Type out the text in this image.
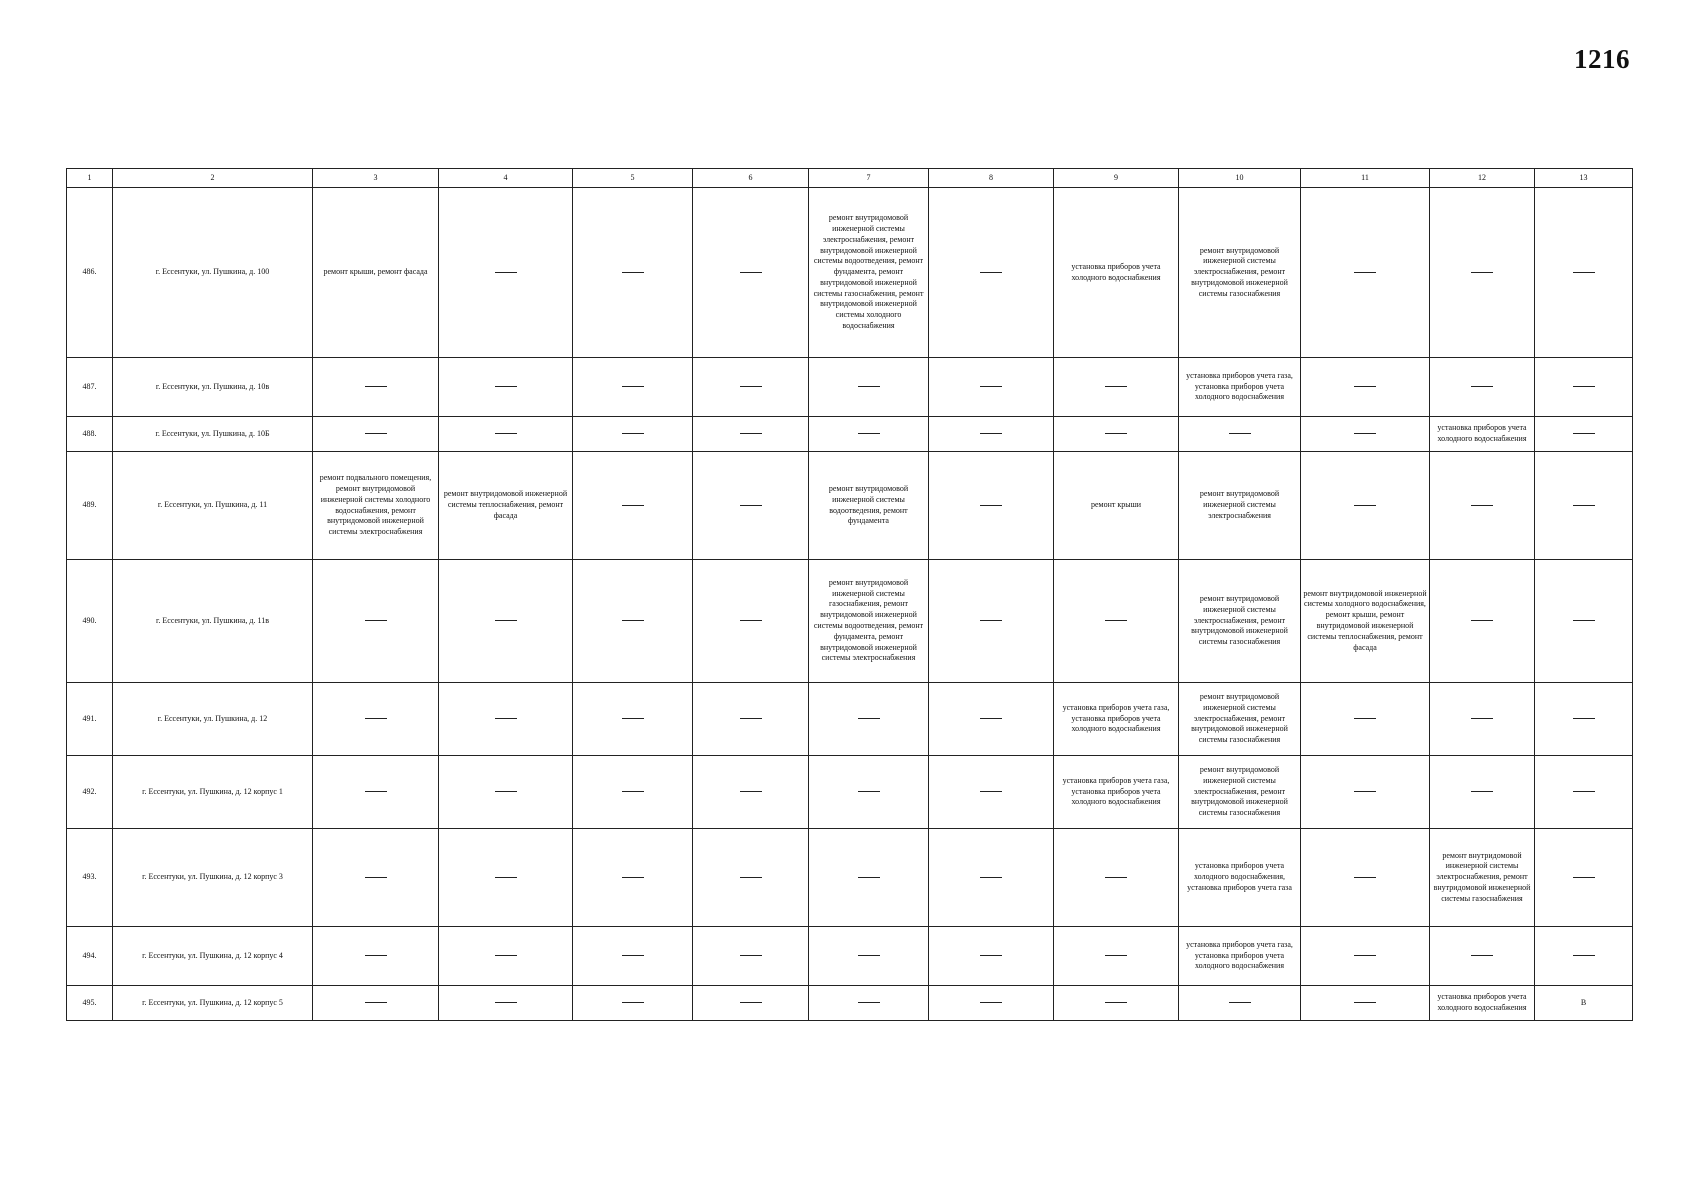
1216
1	2	3	4	5	6	7	8	9	10	11	12	13
486.	г. Ессентуки, ул. Пушкина, д. 100	ремонт крыши, ремонт фасада				ремонт внутридомовой инженерной системы электроснабжения, ремонт внутридомовой инженерной системы водоотведения, ремонт фундамента, ремонт внутридомовой инженерной системы газоснабжения, ремонт внутридомовой инженерной системы холодного водоснабжения		установка приборов учета холодного водоснабжения	ремонт внутридомовой инженерной системы электроснабжения, ремонт внутридомовой инженерной системы газоснабжения			
487.	г. Ессентуки, ул. Пушкина, д. 10в								установка приборов учета газа, установка приборов учета холодного водоснабжения			
488.	г. Ессентуки, ул. Пушкина, д. 10Б										установка приборов учета холодного водоснабжения	
489.	г. Ессентуки, ул. Пушкина, д. 11	ремонт подвального помещения, ремонт внутридомовой инженерной системы холодного водоснабжения, ремонт внутридомовой инженерной системы электроснабжения	ремонт внутридомовой инженерной системы теплоснабжения, ремонт фасада			ремонт внутридомовой инженерной системы водоотведения, ремонт фундамента		ремонт крыши	ремонт внутридомовой инженерной системы электроснабжения			
490.	г. Ессентуки, ул. Пушкина, д. 11в					ремонт внутридомовой инженерной системы газоснабжения, ремонт внутридомовой инженерной системы водоотведения, ремонт фундамента, ремонт внутридомовой инженерной системы электроснабжения			ремонт внутридомовой инженерной системы электроснабжения, ремонт внутридомовой инженерной системы газоснабжения	ремонт внутридомовой инженерной системы холодного водоснабжения, ремонт крыши, ремонт внутридомовой инженерной системы теплоснабжения, ремонт фасада		
491.	г. Ессентуки, ул. Пушкина, д. 12							установка приборов учета газа, установка приборов учета холодного водоснабжения	ремонт внутридомовой инженерной системы электроснабжения, ремонт внутридомовой инженерной системы газоснабжения			
492.	г. Ессентуки, ул. Пушкина, д. 12 корпус 1							установка приборов учета газа, установка приборов учета холодного водоснабжения	ремонт внутридомовой инженерной системы электроснабжения, ремонт внутридомовой инженерной системы газоснабжения			
493.	г. Ессентуки, ул. Пушкина, д. 12 корпус 3								установка приборов учета холодного водоснабжения, установка приборов учета газа		ремонт внутридомовой инженерной системы электроснабжения, ремонт внутридомовой инженерной системы газоснабжения	
494.	г. Ессентуки, ул. Пушкина, д. 12 корпус 4								установка приборов учета газа, установка приборов учета холодного водоснабжения			
495.	г. Ессентуки, ул. Пушкина, д. 12 корпус 5										установка приборов учета холодного водоснабжения	В
